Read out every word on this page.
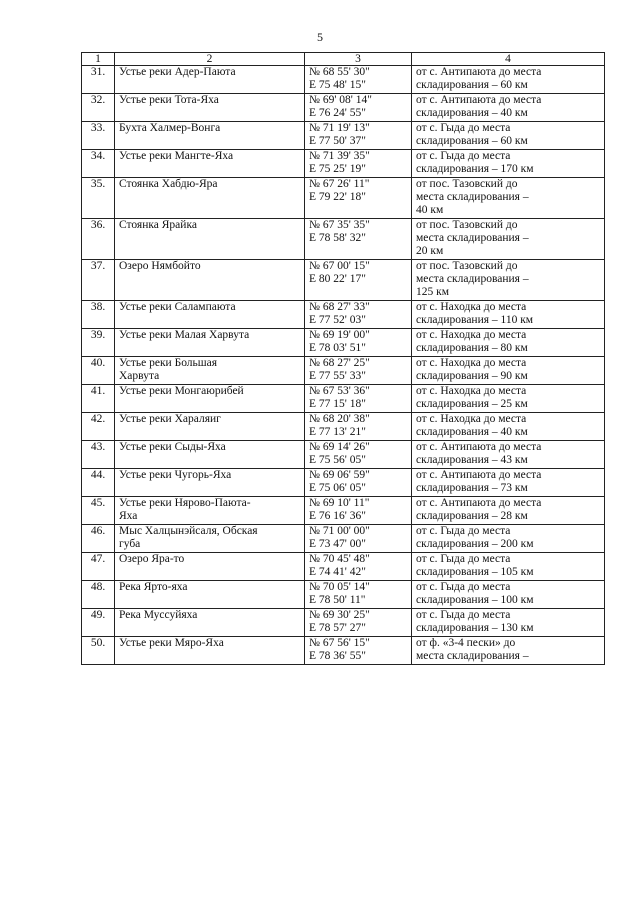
5
1	2	3	4
31.	Устье реки Адер-Паюта	№ 68 55' 30"
E 75 48' 15"	от с. Антипаюта до места
складирования – 60 км

32.	Устье реки Тота-Яха	№ 69' 08' 14"
E 76 24' 55"	от с. Антипаюта до места
складирования – 40 км

33.	Бухта Халмер-Вонга	№ 71 19' 13"
E 77 50' 37"	от с. Гыда до места
складирования – 60 км

34.	Устье реки Мангте-Яха	№ 71 39' 35"
E 75 25' 19"	от с. Гыда до места
складирования – 170 км

35.	Стоянка Хабдю-Яра	№ 67 26' 11"
E 79 22' 18"	от пос. Тазовский до
места складирования –
40 км

36.	Стоянка Ярайка	№ 67 35' 35"
E 78 58' 32"	от пос. Тазовский до
места складирования –
20 км

37.	Озеро Нямбойто	№ 67 00' 15"
E 80 22' 17"	от пос. Тазовский до
места складирования –
125 км

38.	Устье реки Салампаюта	№ 68 27' 33"
E 77 52' 03"	от с. Находка до места
складирования – 110 км

39.	Устье реки Малая Харвута	№ 69 19' 00"
E 78 03' 51"	от с. Находка до места
складирования – 80 км

40.	Устье реки Большая
Харвута	№ 68 27' 25"
E 77 55' 33"	от с. Находка до места
складирования – 90 км

41.	Устье реки Монгаюрибей	№ 67 53' 36"
E 77 15' 18"	от с. Находка до места
складирования – 25 км

42.	Устье реки Хараляиг	№ 68 20' 38"
E 77 13' 21"	от с. Находка до места
складирования – 40 км

43.	Устье реки Сыды-Яха	№ 69 14' 26"
E 75 56' 05"	от с. Антипаюта до места
складирования – 43 км

44.	Устье реки Чугорь-Яха	№ 69 06' 59"
E 75 06' 05"	от с. Антипаюта до места
складирования – 73 км

45.	Устье реки Нярово-Паюта-
Яха	№ 69 10' 11"
E 76 16' 36"	от с. Антипаюта до места
складирования – 28 км

46.	Мыс Халцынэйсаля, Обская
губа	№ 71 00' 00"
E 73 47' 00"	от с. Гыда до места
складирования – 200 км

47.	Озеро Яра-то	№ 70 45' 48"
E 74 41' 42"	от с. Гыда до места
складирования – 105 км

48.	Река Ярто-яха	№ 70 05' 14"
E 78 50' 11"	от с. Гыда до места
складирования – 100 км

49.	Река Муссуйяха	№ 69 30' 25"
E 78 57' 27"	от с. Гыда до места
складирования – 130 км

50.	Устье реки Мяро-Яха	№ 67 56' 15"
E 78 36' 55"	от ф. «3-4 пески» до
места складирования –
